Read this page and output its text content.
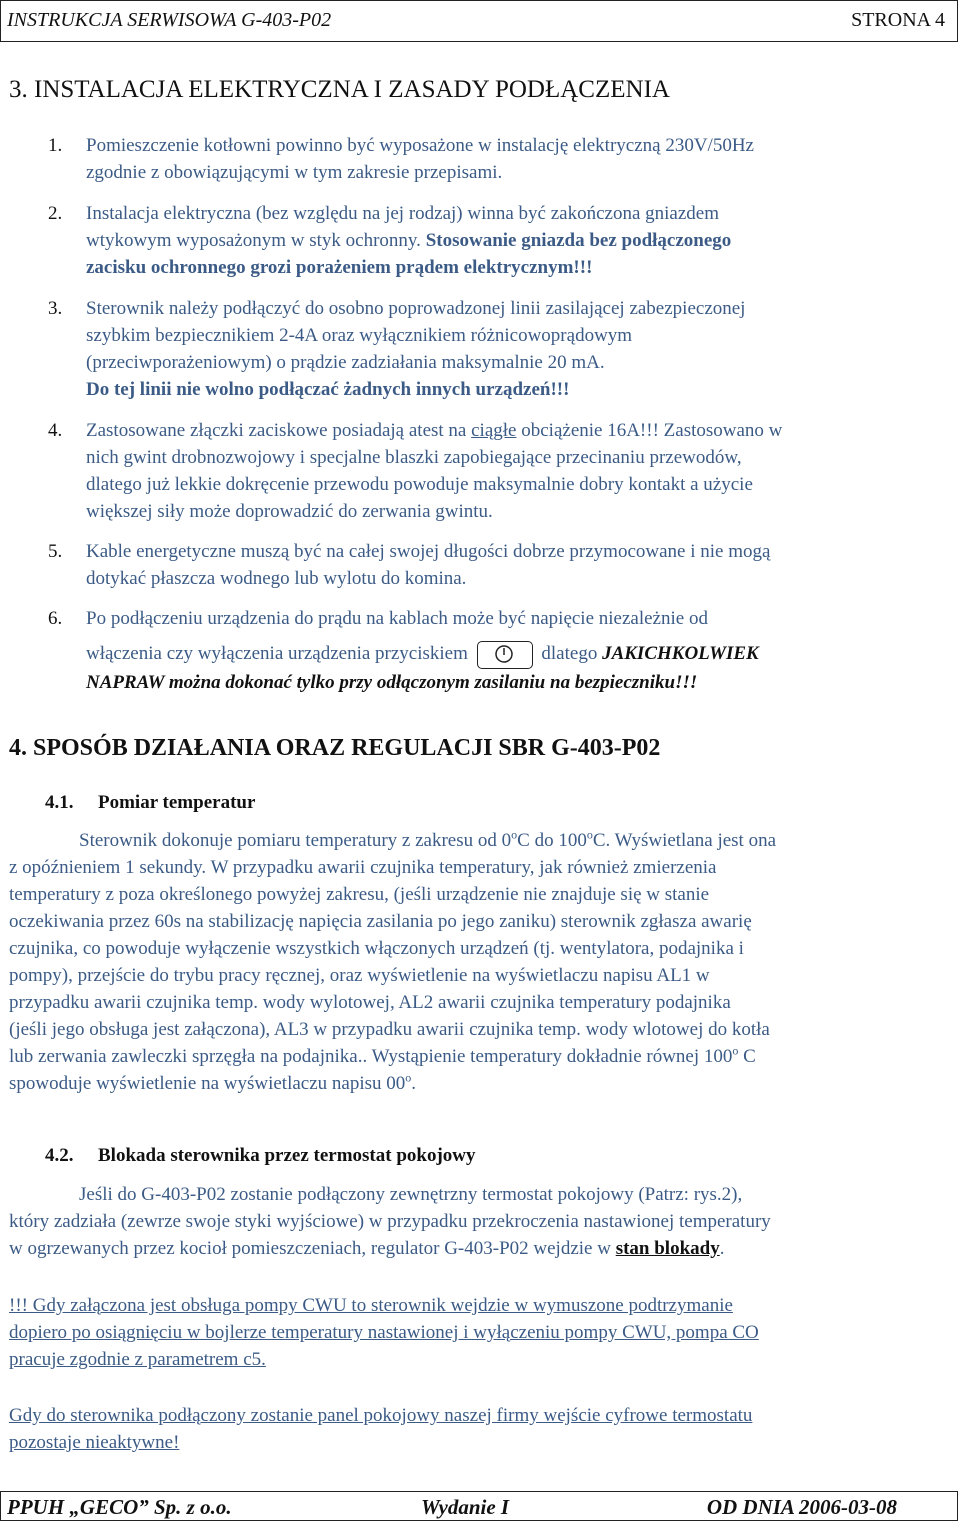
INSTRUKCJA SERWISOWA G-403-P02	STRONA 4
3. INSTALACJA ELEKTRYCZNA I ZASADY PODŁĄCZENIA
1. Pomieszczenie kotłowni powinno być wyposażone w instalację elektryczną 230V/50Hz
zgodnie z obowiązującymi w tym zakresie przepisami.
2. Instalacja elektryczna (bez względu na jej rodzaj) winna być zakończona gniazdem
wtykowym wyposażonym w styk ochronny. Stosowanie gniazda bez podłączonego
zacisku ochronnego grozi porażeniem prądem elektrycznym!!!
3. Sterownik należy podłączyć do osobno poprowadzonej linii zasilającej zabezpieczonej
szybkim bezpiecznikiem 2-4A oraz wyłącznikiem różnicowoprądowym
(przeciwporażeniowym) o prądzie zadziałania maksymalnie 20 mA.
Do tej linii nie wolno podłączać żadnych innych urządzeń!!!
4. Zastosowane złączki zaciskowe posiadają atest na ciągłe obciążenie 16A!!! Zastosowano w
nich gwint drobnozwojowy i specjalne blaszki zapobiegające przecinaniu przewodów,
dlatego już lekkie dokręcenie przewodu powoduje maksymalnie dobry kontakt a użycie
większej siły może doprowadzić do zerwania gwintu.
5. Kable energetyczne muszą być na całej swojej długości dobrze przymocowane i nie mogą
dotykać płaszcza wodnego lub wylotu do komina.
6. Po podłączeniu urządzenia do prądu na kablach może być napięcie niezależnie od
włączenia czy wyłączenia urządzenia przyciskiem	dlatego JAKICHKOLWIEK
NAPRAW można dokonać tylko przy odłączonym zasilaniu na bezpieczniku!!!
4. SPOSÓB DZIAŁANIA ORAZ REGULACJI SBR G-403-P02
4.1. Pomiar temperatur
Sterownik dokonuje pomiaru temperatury z zakresu od 0$^o$C do 100$^o$C. Wyświetlana jest ona
z opóźnieniem 1 sekundy. W przypadku awarii czujnika temperatury, jak również zmierzenia
temperatury z poza określonego powyżej zakresu, (jeśli urządzenie nie znajduje się w stanie
oczekiwania przez 60s na stabilizację napięcia zasilania po jego zaniku) sterownik zgłasza awarię
czujnika, co powoduje wyłączenie wszystkich włączonych urządzeń (tj. wentylatora, podajnika i
pompy), przejście do trybu pracy ręcznej, oraz wyświetlenie na wyświetlaczu napisu AL1 w
przypadku awarii czujnika temp. wody wylotowej, AL2 awarii czujnika temperatury podajnika
(jeśli jego obsługa jest załączona), AL3 w przypadku awarii czujnika temp. wody wlotowej do kotła
lub zerwania zawleczki sprzęgła na podajnika.. Wystąpienie temperatury dokładnie równej 100$^o$ C
spowoduje wyświetlenie na wyświetlaczu napisu 00$^o$.
4.2. Blokada sterownika przez termostat pokojowy
Jeśli do G-403-P02 zostanie podłączony zewnętrzny termostat pokojowy (Patrz: rys.2),
który zadziała (zewrze swoje styki wyjściowe) w przypadku przekroczenia nastawionej temperatury
w ogrzewanych przez kocioł pomieszczeniach, regulator G-403-P02 wejdzie w stan blokady.
!!! Gdy załączona jest obsługa pompy CWU to sterownik wejdzie w wymuszone podtrzymanie
dopiero po osiągnięciu w bojlerze temperatury nastawionej i wyłączeniu pompy CWU, pompa CO
pracuje zgodnie z parametrem c5.
Gdy do sterownika podłączony zostanie panel pokojowy naszej firmy wejście cyfrowe termostatu
pozostaje nieaktywne!
PPUH „GECO” Sp. z o.o.	Wydanie I	OD DNIA 2006-03-08
